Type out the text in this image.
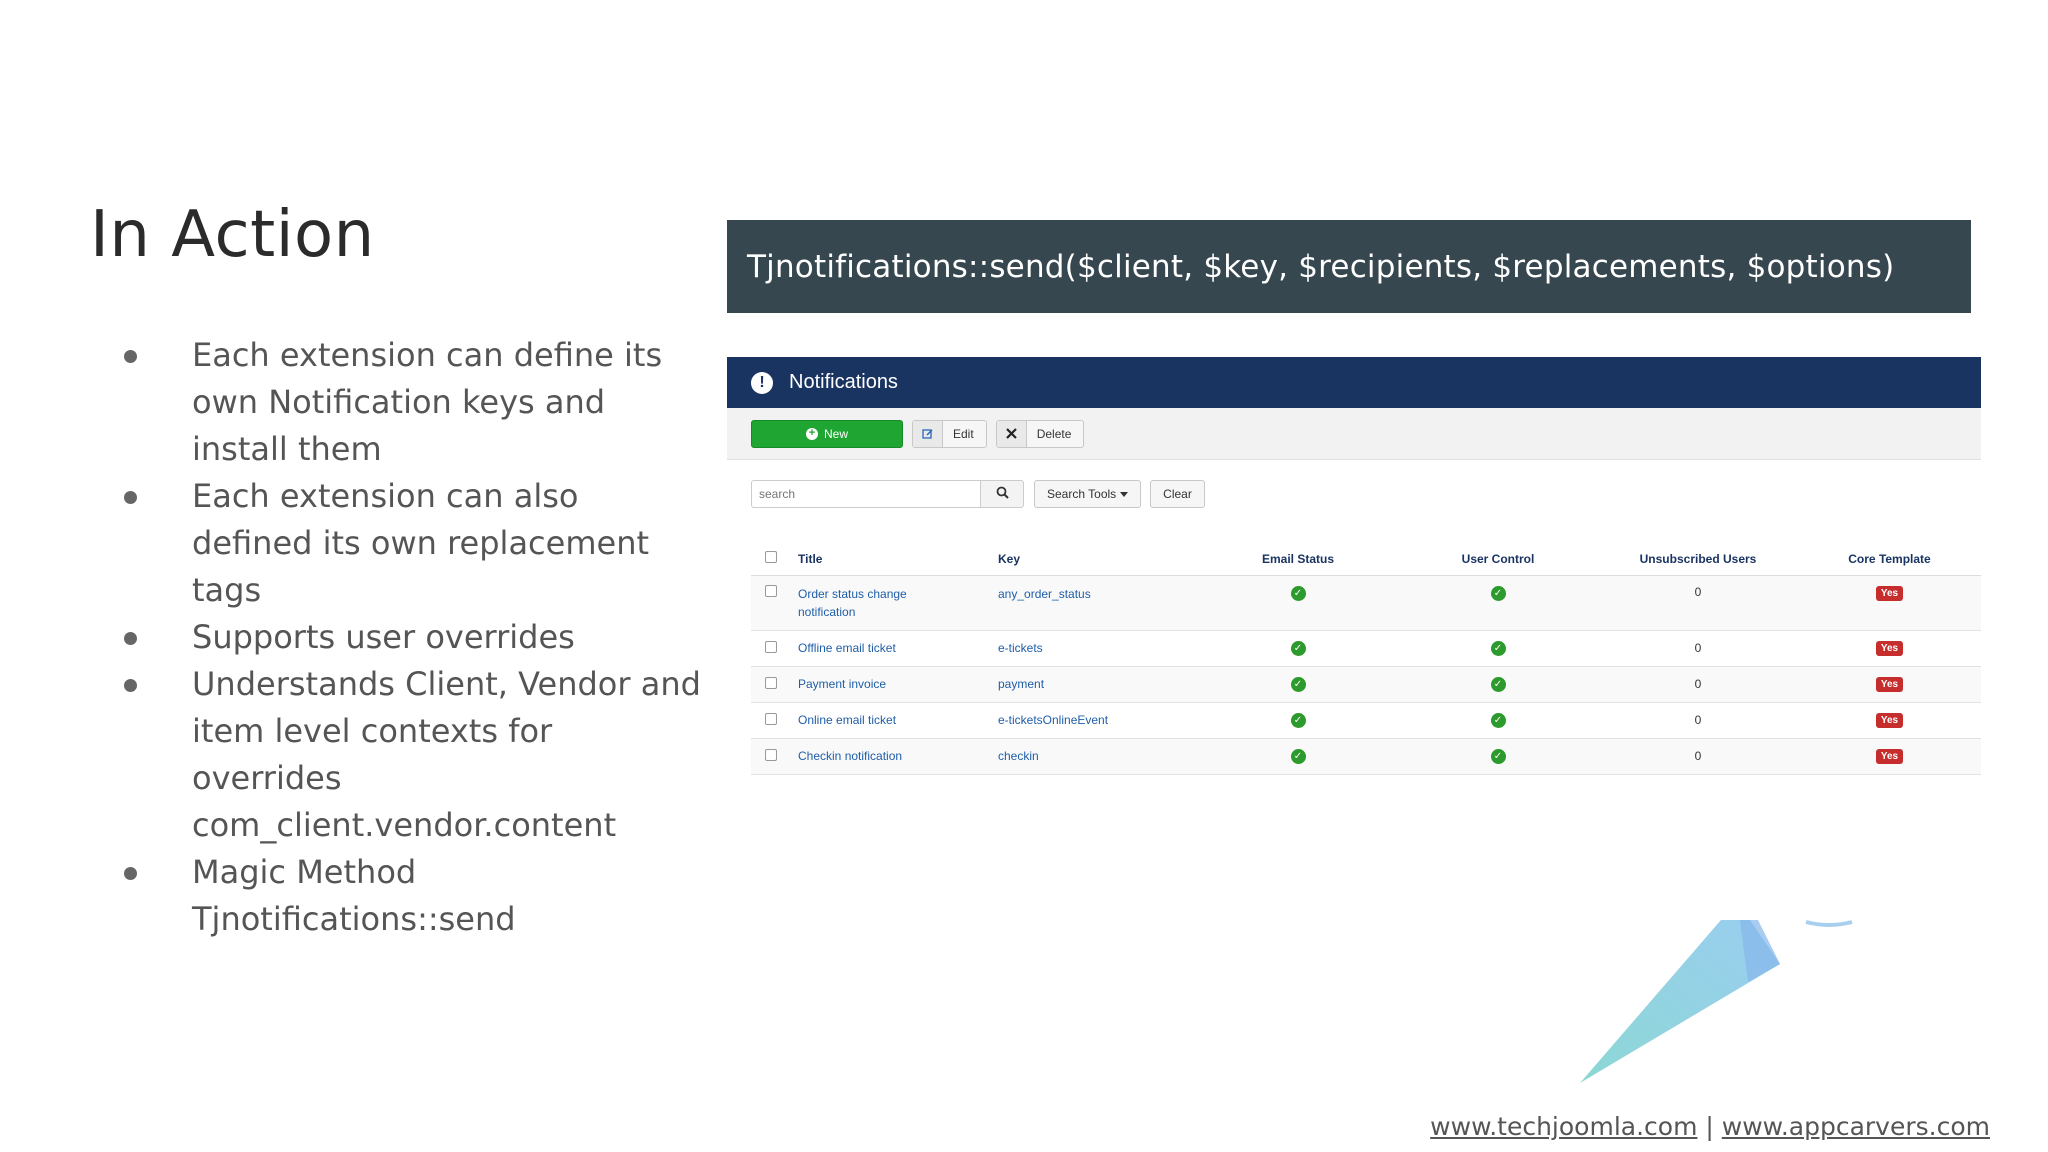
In Action
Each extension can define its own Notification keys and install them
Each extension can also defined its own replacement tags
Supports user overrides
Understands Client, Vendor and item level contexts for overrides com_client.vendor.content
Magic Method Tjnotifications::send
Tjnotifications::send($client, $key, $recipients, $replacements, $options)
!	Notifications
+ New	Edit	Delete
search
Search Tools	Clear
	Title	Key	Email Status	User Control	Unsubscribed Users	Core Template

	Order status change notification	any_order_status	✓	✓	0	Yes
	Offline email ticket	e-tickets	✓	✓	0	Yes
	Payment invoice	payment	✓	✓	0	Yes
	Online email ticket	e-ticketsOnlineEvent	✓	✓	0	Yes
	Checkin notification	checkin	✓	✓	0	Yes
www.techjoomla.com | www.appcarvers.com
